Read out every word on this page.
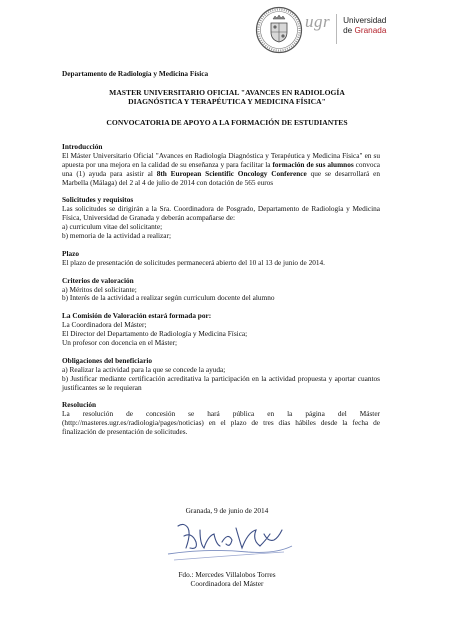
ugr Universidad
de Granada
Departamento de Radiología y Medicina Física
MASTER UNIVERSITARIO OFICIAL "AVANCES EN RADIOLOGÍA
DIAGNÓSTICA Y TERAPÉUTICA Y MEDICINA FÍSICA"
CONVOCATORIA DE APOYO A LA FORMACIÓN DE ESTUDIANTES
Introducción
El Máster Universitario Oficial "Avances en Radiología Diagnóstica y Terapéutica y Medicina Física" en su apuesta por una mejora en la calidad de su enseñanza y para facilitar la formación de sus alumnos convoca una (1) ayuda para asistir al 8th European Scientific Oncology Conference que se desarrollará en Marbella (Málaga) del 2 al 4 de julio de 2014 con dotación de 565 euros
Solicitudes y requisitos
Las solicitudes se dirigirán a la Sra. Coordinadora de Posgrado, Departamento de Radiología y Medicina Física, Universidad de Granada y deberán acompañarse de:
a) curriculum vitae del solicitante;
b) memoria de la actividad a realizar;
Plazo
El plazo de presentación de solicitudes permanecerá abierto del 10 al 13 de junio de 2014.
Criterios de valoración
a) Méritos del solicitante;
b) Interés de la actividad a realizar según curriculum docente del alumno
La Comisión de Valoración estará formada por:
La Coordinadora del Máster;
El Director del Departamento de Radiología y Medicina Física;
Un profesor con docencia en el Máster;
Obligaciones del beneficiario
a) Realizar la actividad para la que se concede la ayuda;
b) Justificar mediante certificación acreditativa la participación en la actividad propuesta y aportar cuantos justificantes se le requieran
Resolución
La resolución de concesión se hará pública en la página del Máster (http://masteres.ugr.es/radiologia/pages/noticias) en el plazo de tres días hábiles desde la fecha de finalización de presentación de solicitudes.
Granada, 9 de junio de 2014
Fdo.: Mercedes Villalobos Torres
Coordinadora del Máster
